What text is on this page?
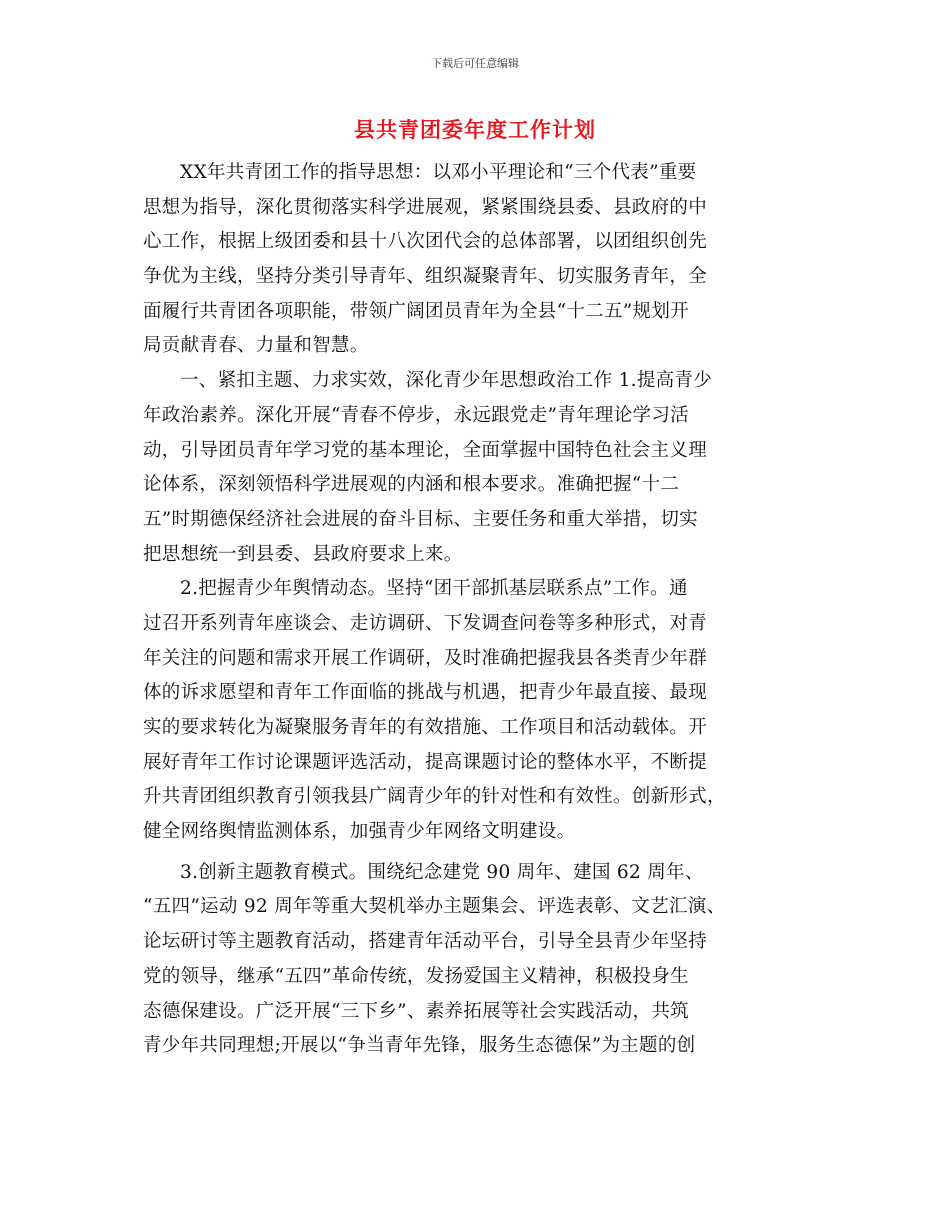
下载后可任意编辑
县共青团委年度工作计划
XX年共青团工作的指导思想：以邓小平理论和“三个代表”重要
思想为指导，深化贯彻落实科学进展观，紧紧围绕县委、县政府的中
心工作，根据上级团委和县十八次团代会的总体部署，以团组织创先
争优为主线，坚持分类引导青年、组织凝聚青年、切实服务青年，全
面履行共青团各项职能，带领广阔团员青年为全县“十二五”规划开
局贡献青春、力量和智慧。
一、紧扣主题、力求实效，深化青少年思想政治工作 1.提高青少
年政治素养。深化开展“青春不停步，永远跟党走”青年理论学习活
动，引导团员青年学习党的基本理论，全面掌握中国特色社会主义理
论体系，深刻领悟科学进展观的内涵和根本要求。准确把握“十二
五”时期德保经济社会进展的奋斗目标、主要任务和重大举措，切实
把思想统一到县委、县政府要求上来。
2.把握青少年舆情动态。坚持“团干部抓基层联系点”工作。通
过召开系列青年座谈会、走访调研、下发调查问卷等多种形式，对青
年关注的问题和需求开展工作调研，及时准确把握我县各类青少年群
体的诉求愿望和青年工作面临的挑战与机遇，把青少年最直接、最现
实的要求转化为凝聚服务青年的有效措施、工作项目和活动载体。开
展好青年工作讨论课题评选活动，提高课题讨论的整体水平，不断提
升共青团组织教育引领我县广阔青少年的针对性和有效性。创新形式，
健全网络舆情监测体系，加强青少年网络文明建设。
3.创新主题教育模式。围绕纪念建党 90 周年、建国 62 周年、
“五四”运动 92 周年等重大契机举办主题集会、评选表彰、文艺汇演、
论坛研讨等主题教育活动，搭建青年活动平台，引导全县青少年坚持
党的领导，继承“五四”革命传统，发扬爱国主义精神，积极投身生
态德保建设。广泛开展“三下乡”、素养拓展等社会实践活动，共筑
青少年共同理想;开展以“争当青年先锋，服务生态德保”为主题的创
